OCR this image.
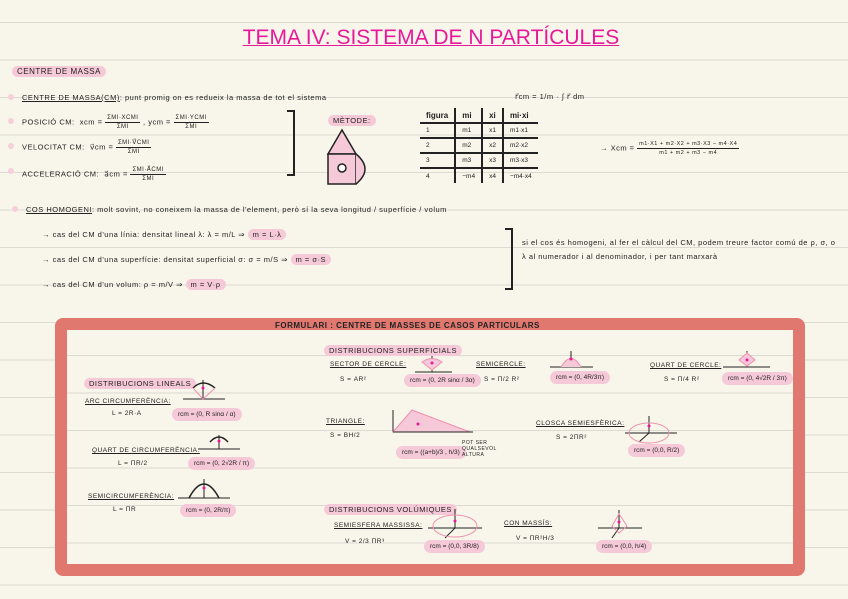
TEMA IV: SISTEMA DE N PARTÍCULES
CENTRE DE MASSA
CENTRE DE MASSA(CM): punt promig on es redueix la massa de tot el sistema	r⃗cm = 1/m · ∫ r⃗ dm
POSICIÓ CM: xcm = $\frac{\text{ΣMI·XCMI}}{\text{ΣMI}}$ , ycm = $\frac{\text{ΣMI·YCMI}}{\text{ΣMI}}$
VELOCITAT CM: v⃗cm = $\frac{\text{ΣMI·V⃗CMI}}{\text{ΣMI}}$
ACCELERACIÓ CM: a⃗cm = $\frac{\text{ΣMI·A⃗CMI}}{\text{ΣMI}}$
MÈTODE:
figura	mi	xi	mi·xi
1	m1	x1	m1·x1
2	m2	x2	m2·x2
3	m3	x3	m3·x3
4	−m4	x4	−m4·x4
→ Xcm = $\frac{m1\cdot X1 + m2\cdot X2 + m3\cdot X3 - m4\cdot X4}{m1 + m2 + m3 - m4}$
COS HOMOGENI: molt sovint, no coneixem la massa de l'element, però sí la seva longitud / superfície / volum
→ cas del CM d'una línia: densitat lineal λ: λ = m/L ⇒ m = L·λ
→ cas del CM d'una superfície: densitat superficial σ: σ = m/S ⇒ m = σ·S
→ cas del CM d'un volum: ρ = m/V ⇒ m = V·ρ
si el cos és homogeni, al fer el càlcul del CM, podem treure factor comú de ρ, σ, o λ al numerador i al denominador, i per tant marxarà
FORMULARI : CENTRE DE MASSES DE CASOS PARTICULARS
DISTRIBUCIONS LINEALS
ARC CIRCUMFERÈNCIA:
L = 2R·Α	rcm = (0, R sinα / α)
QUART DE CIRCUMFERÈNCIA:
L = ΠR/2	rcm = (0, 2√2R / π)
SEMICIRCUMFERÈNCIA:
L = ΠR	rcm = (0, 2R/π)
DISTRIBUCIONS SUPERFICIALS
SECTOR DE CERCLE:
S = ΑR²	rcm = (0, 2R sinα / 3α)
SEMICERCLE:
S = Π/2 R²	rcm = (0, 4R/3π)
QUART DE CERCLE:
S = Π/4 R²	rcm = (0, 4√2R / 3π)
TRIANGLE:
S = BH/2
rcm = ((a+b)/3 , h/3)
POT SER QUALSEVOL ALTURA
CLOSCA SEMIESFÈRICA:
S = 2ΠR²
rcm = (0,0, R/2)
DISTRIBUCIONS VOLÚMIQUES
SEMIESFERA MASSISSA:
V = 2/3 ΠR³
rcm = (0,0, 3R/8)
CON MASSÍS:
V = ΠR²H/3
rcm = (0,0, h/4)
